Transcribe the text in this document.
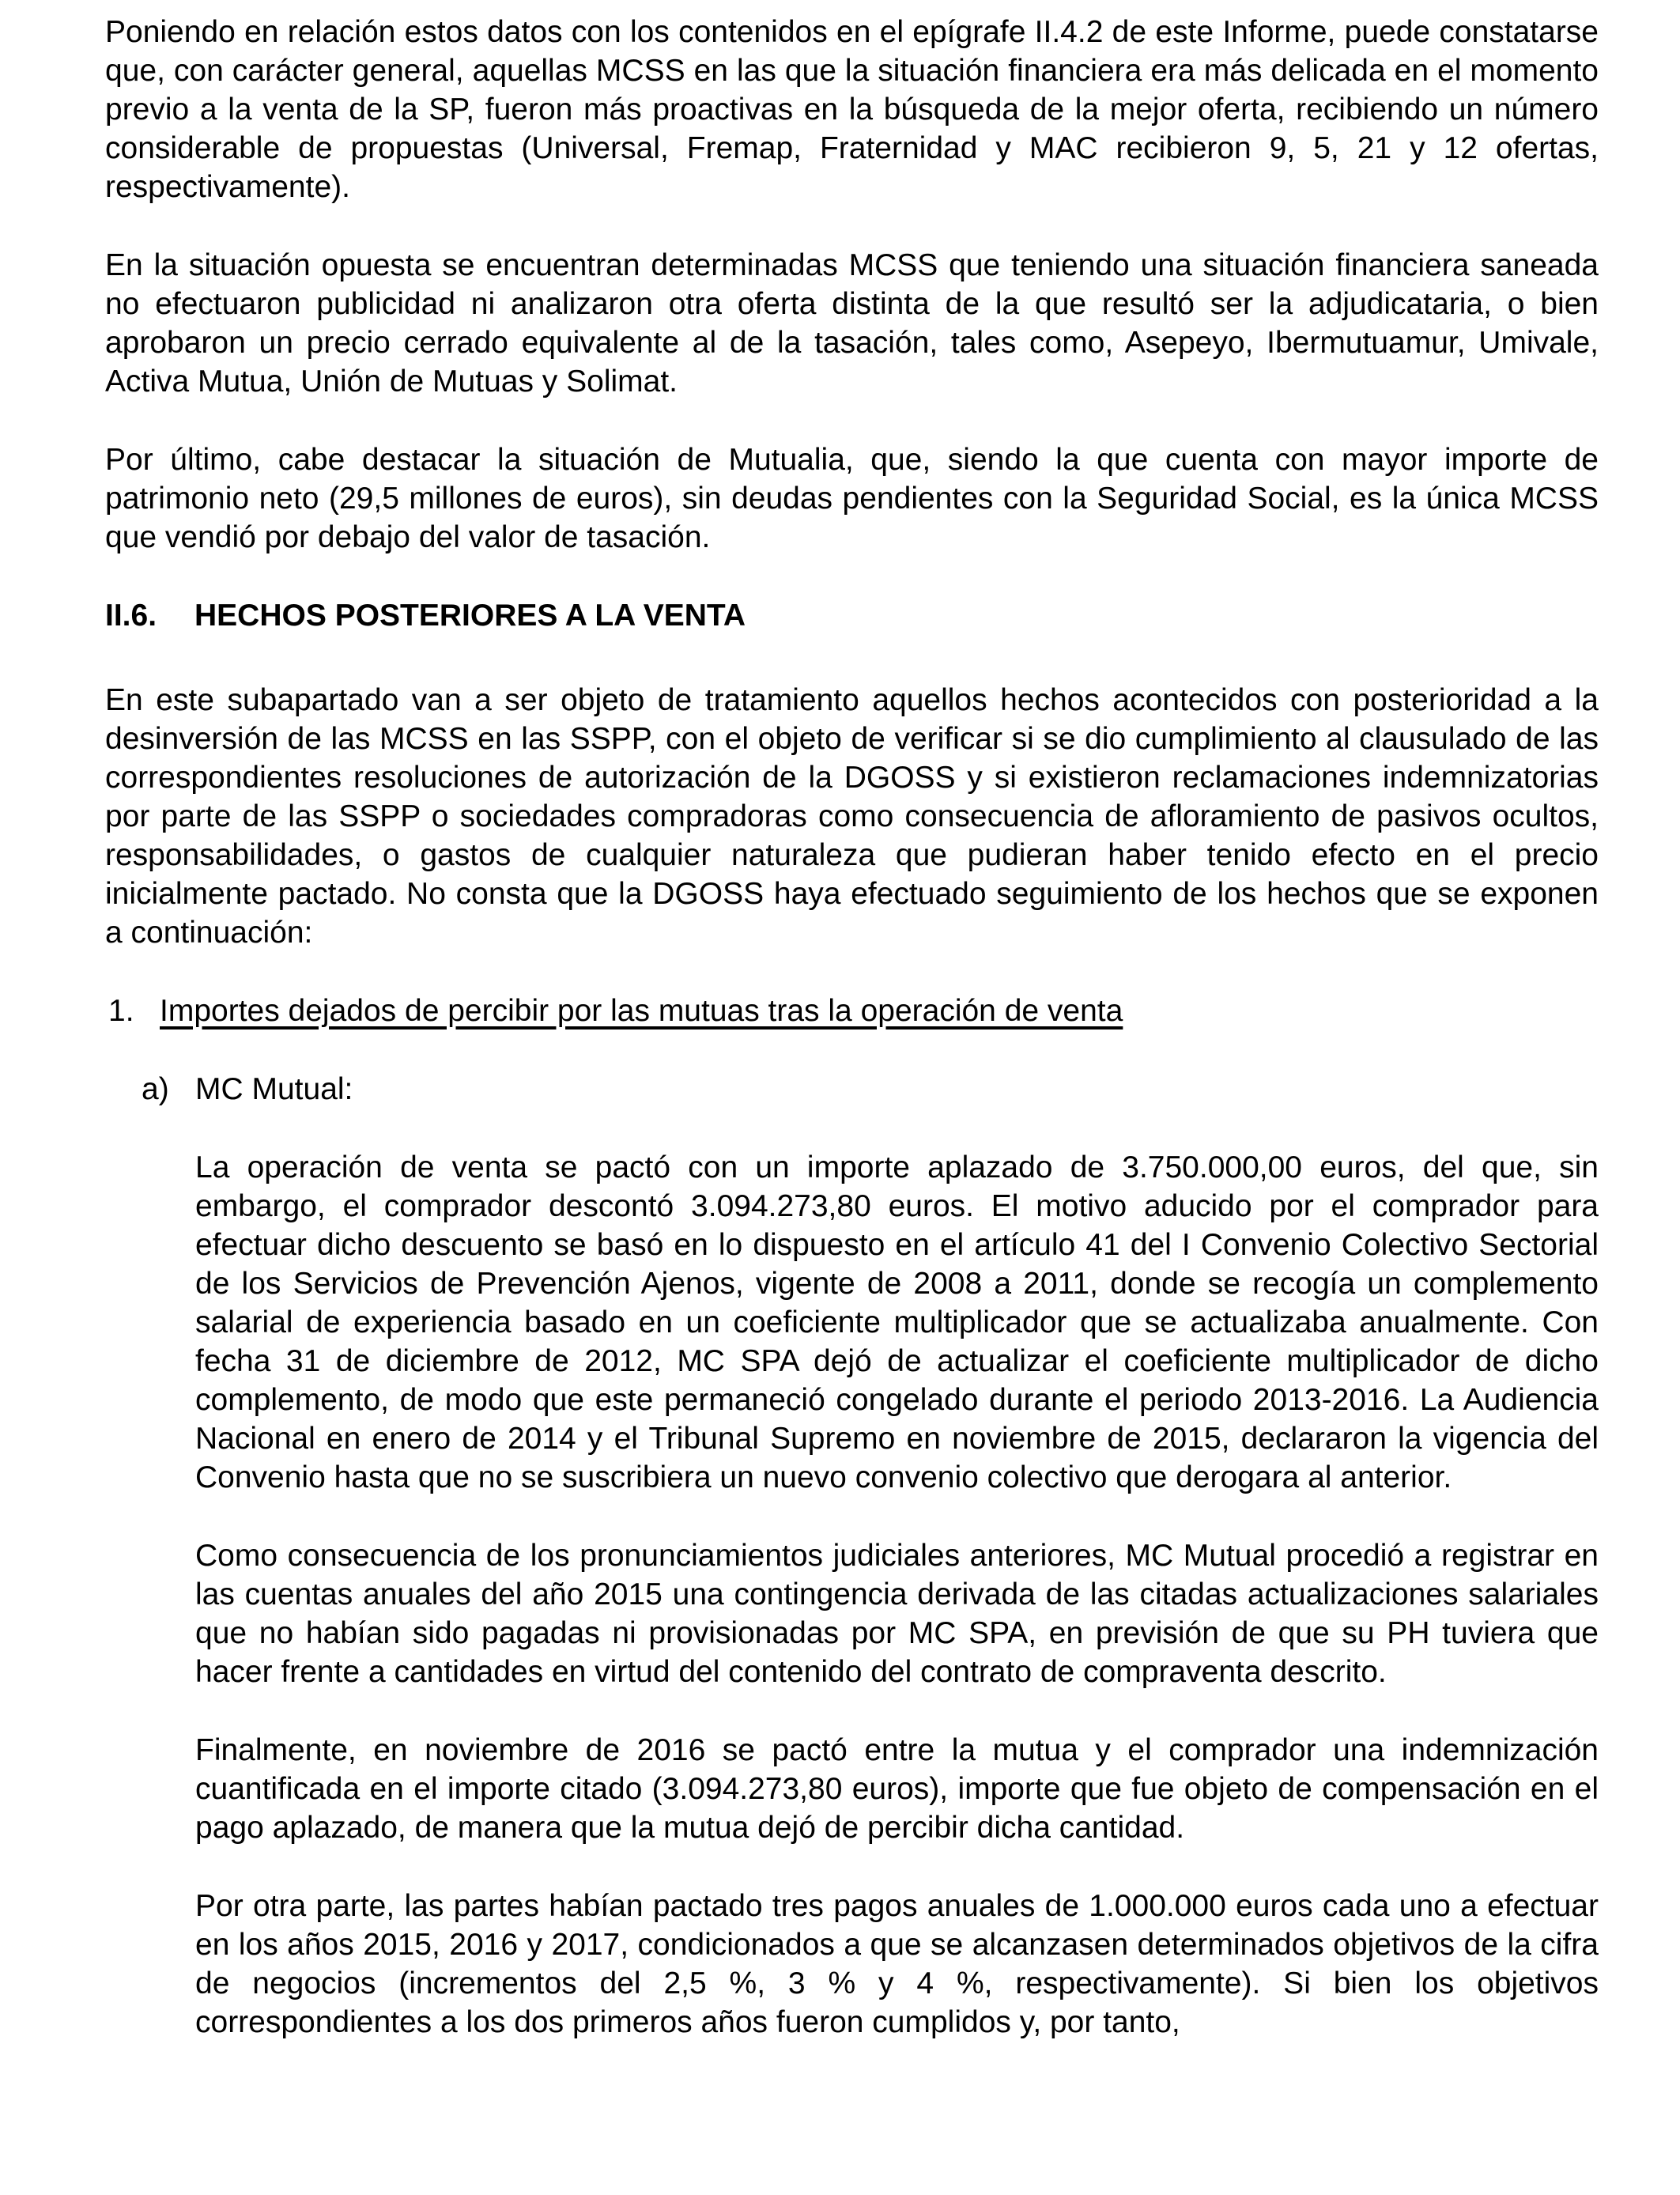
Poniendo en relación estos datos con los contenidos en el epígrafe II.4.2 de este Informe, puede constatarse que, con carácter general, aquellas MCSS en las que la situación financiera era más delicada en el momento previo a la venta de la SP, fueron más proactivas en la búsqueda de la mejor oferta, recibiendo un número considerable de propuestas (Universal, Fremap, Fraternidad y MAC recibieron 9, 5, 21 y 12 ofertas, respectivamente).

En la situación opuesta se encuentran determinadas MCSS que teniendo una situación financiera saneada no efectuaron publicidad ni analizaron otra oferta distinta de la que resultó ser la adjudicataria, o bien aprobaron un precio cerrado equivalente al de la tasación, tales como, Asepeyo, Ibermutuamur, Umivale, Activa Mutua, Unión de Mutuas y Solimat.

Por último, cabe destacar la situación de Mutualia, que, siendo la que cuenta con mayor importe de patrimonio neto (29,5 millones de euros), sin deudas pendientes con la Seguridad Social, es la única MCSS que vendió por debajo del valor de tasación.

II.6. HECHOS POSTERIORES A LA VENTA

En este subapartado van a ser objeto de tratamiento aquellos hechos acontecidos con posterioridad a la desinversión de las MCSS en las SSPP, con el objeto de verificar si se dio cumplimiento al clausulado de las correspondientes resoluciones de autorización de la DGOSS y si existieron reclamaciones indemnizatorias por parte de las SSPP o sociedades compradoras como consecuencia de afloramiento de pasivos ocultos, responsabilidades, o gastos de cualquier naturaleza que pudieran haber tenido efecto en el precio inicialmente pactado. No consta que la DGOSS haya efectuado seguimiento de los hechos que se exponen a continuación:

1. Importes dejados de percibir por las mutuas tras la operación de venta
a) MC Mutual:

La operación de venta se pactó con un importe aplazado de 3.750.000,00 euros, del que, sin embargo, el comprador descontó 3.094.273,80 euros. El motivo aducido por el comprador para efectuar dicho descuento se basó en lo dispuesto en el artículo 41 del I Convenio Colectivo Sectorial de los Servicios de Prevención Ajenos, vigente de 2008 a 2011, donde se recogía un complemento salarial de experiencia basado en un coeficiente multiplicador que se actualizaba anualmente. Con fecha 31 de diciembre de 2012, MC SPA dejó de actualizar el coeficiente multiplicador de dicho complemento, de modo que este permaneció congelado durante el periodo 2013-2016. La Audiencia Nacional en enero de 2014 y el Tribunal Supremo en noviembre de 2015, declararon la vigencia del Convenio hasta que no se suscribiera un nuevo convenio colectivo que derogara al anterior.

Como consecuencia de los pronunciamientos judiciales anteriores, MC Mutual procedió a registrar en las cuentas anuales del año 2015 una contingencia derivada de las citadas actualizaciones salariales que no habían sido pagadas ni provisionadas por MC SPA, en previsión de que su PH tuviera que hacer frente a cantidades en virtud del contenido del contrato de compraventa descrito.

Finalmente, en noviembre de 2016 se pactó entre la mutua y el comprador una indemnización cuantificada en el importe citado (3.094.273,80 euros), importe que fue objeto de compensación en el pago aplazado, de manera que la mutua dejó de percibir dicha cantidad.

Por otra parte, las partes habían pactado tres pagos anuales de 1.000.000 euros cada uno a efectuar en los años 2015, 2016 y 2017, condicionados a que se alcanzasen determinados objetivos de la cifra de negocios (incrementos del 2,5 %, 3 % y 4 %, respectivamente). Si bien los objetivos correspondientes a los dos primeros años fueron cumplidos y, por tanto,
